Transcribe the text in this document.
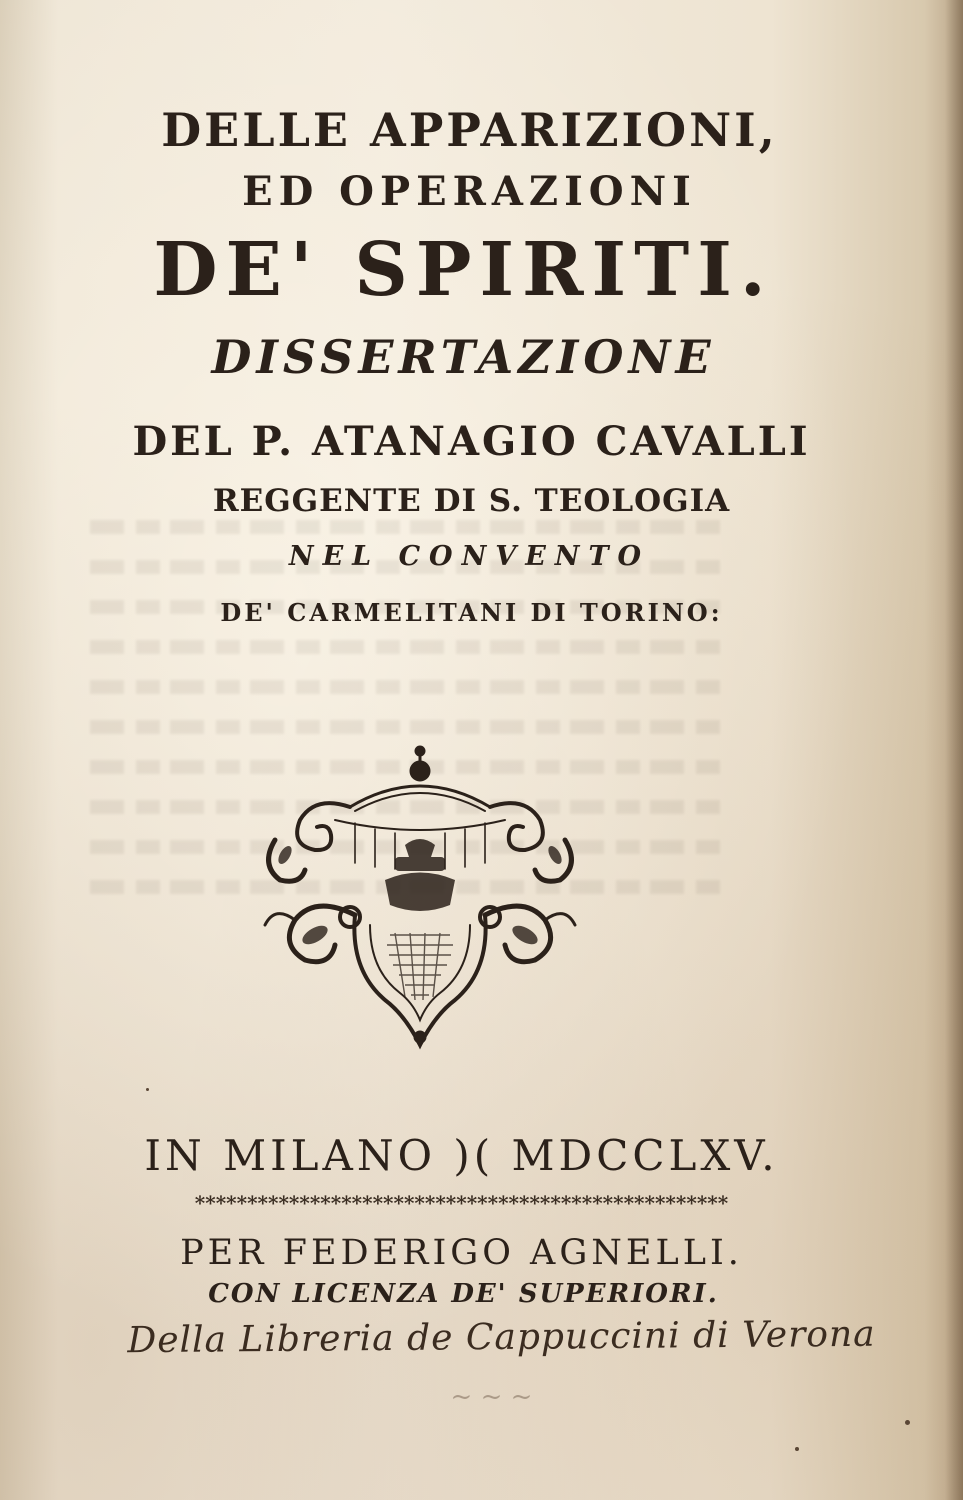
DELLE APPARIZIONI,

ED OPERAZIONI

DE' SPIRITI.

DISSERTAZIONE

DEL P. ATANAGIO CAVALLI

REGGENTE DI S. TEOLOGIA

NEL CONVENTO

DE' CARMELITANI DI TORINO:

IN MILANO )( MDCCLXV.

***************************************************

PER FEDERIGO AGNELLI.

CON LICENZA DE' SUPERIORI.

Della Libreria de Cappuccini di Verona

~ ~ ~
